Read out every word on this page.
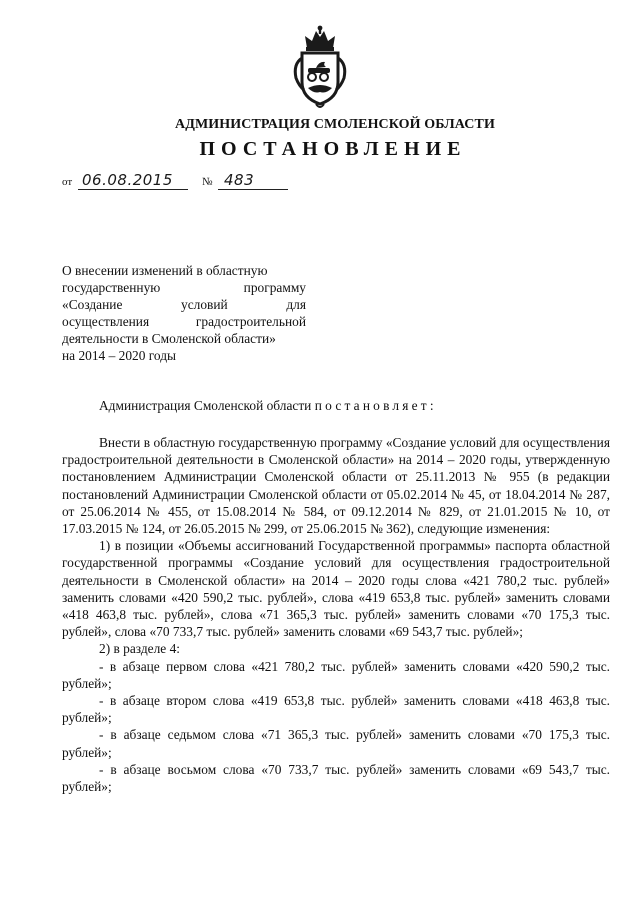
АДМИНИСТРАЦИЯ СМОЛЕНСКОЙ ОБЛАСТИ
ПОСТАНОВЛЕНИЕ
от 06.08.2015	№ 483
О внесении изменений в областную
государственную	программу
«Создание	условий	для
осуществления	градостроительной
деятельности в Смоленской области»
на 2014 – 2020 годы
Администрация Смоленской области постановляет:

Внести в областную государственную программу «Создание условий для осуществления градостроительной деятельности в Смоленской области» на 2014 – 2020 годы, утвержденную постановлением Администрации Смоленской области от 25.11.2013 № 955 (в редакции постановлений Администрации Смоленской области от 05.02.2014 № 45, от 18.04.2014 № 287, от 25.06.2014 № 455, от 15.08.2014 № 584, от 09.12.2014 № 829, от 21.01.2015 № 10, от 17.03.2015 № 124, от 26.05.2015 № 299, от 25.06.2015 № 362), следующие изменения:

1) в позиции «Объемы ассигнований Государственной программы» паспорта областной государственной программы «Создание условий для осуществления градостроительной деятельности в Смоленской области» на 2014 – 2020 годы слова «421 780,2 тыс. рублей» заменить словами «420 590,2 тыс. рублей», слова «419 653,8 тыс. рублей» заменить словами «418 463,8 тыс. рублей», слова «71 365,3 тыс. рублей» заменить словами «70 175,3 тыс. рублей», слова «70 733,7 тыс. рублей» заменить словами «69 543,7 тыс. рублей»;

2) в разделе 4:

- в абзаце первом слова «421 780,2 тыс. рублей» заменить словами «420 590,2 тыс. рублей»;

- в абзаце втором слова «419 653,8 тыс. рублей» заменить словами «418 463,8 тыс. рублей»;

- в абзаце седьмом слова «71 365,3 тыс. рублей» заменить словами «70 175,3 тыс. рублей»;

- в абзаце восьмом слова «70 733,7 тыс. рублей» заменить словами «69 543,7 тыс. рублей»;
